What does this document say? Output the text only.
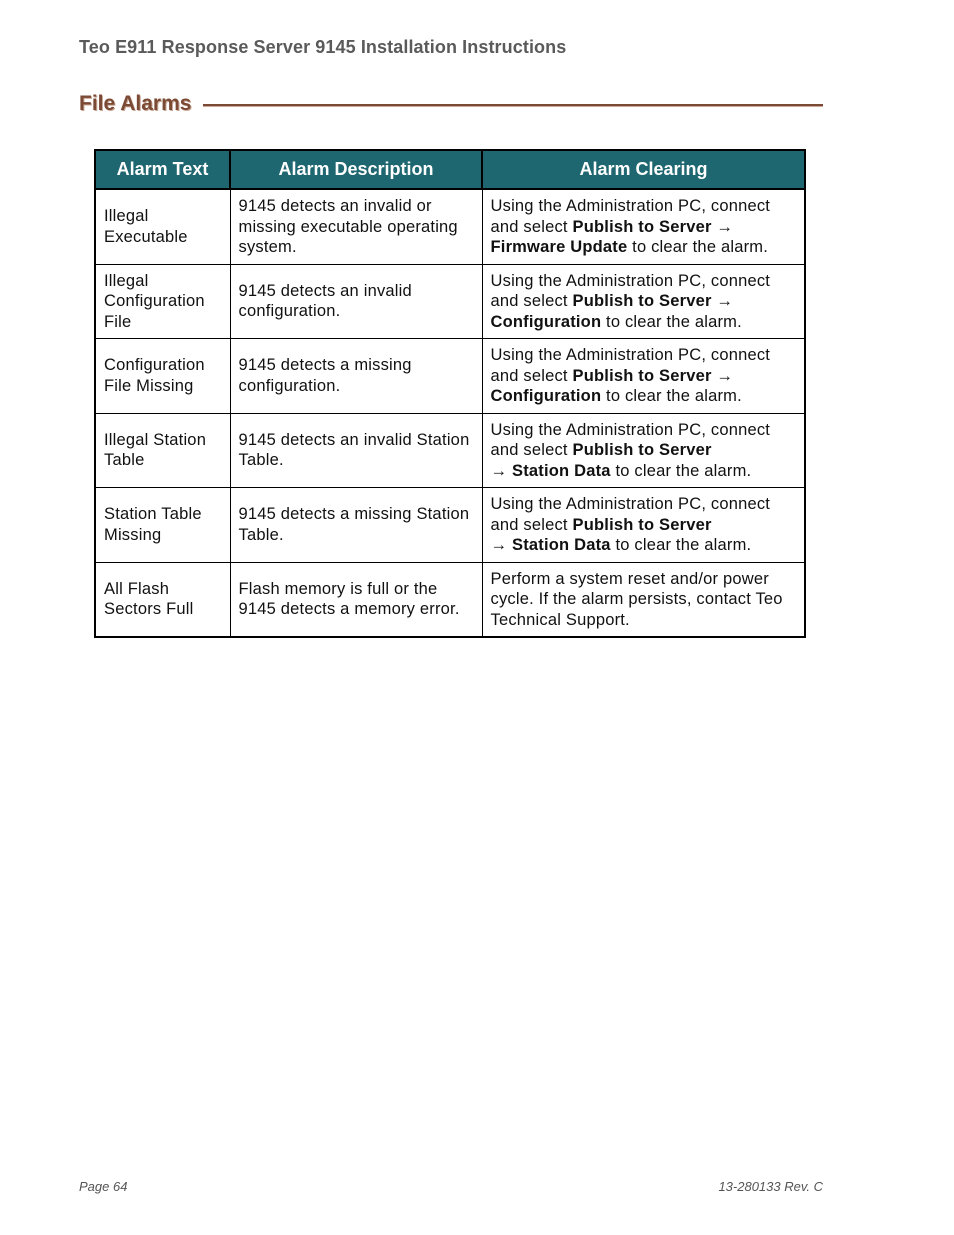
Teo E911 Response Server 9145 Installation Instructions
File Alarms
Alarm Text	Alarm Description	Alarm Clearing
Illegal Executable	9145 detects an invalid or missing executable operating system.	Using the Administration PC, connect and select Publish to Server → Firmware Update to clear the alarm.
Illegal Configuration File	9145 detects an invalid configuration.	Using the Administration PC, connect and select Publish to Server → Configuration to clear the alarm.
Configuration File Missing	9145 detects a missing configuration.	Using the Administration PC, connect and select Publish to Server → Configuration to clear the alarm.
Illegal Station Table	9145 detects an invalid Station Table.	Using the Administration PC, connect and select Publish to Server
→ Station Data to clear the alarm.
Station Table Missing	9145 detects a missing Station Table.	Using the Administration PC, connect and select Publish to Server
→ Station Data to clear the alarm.
All Flash Sectors Full	Flash memory is full or the 9145 detects a memory error.	Perform a system reset and/or power cycle. If the alarm persists, contact Teo Technical Support.
Page 64	13-280133 Rev. C
